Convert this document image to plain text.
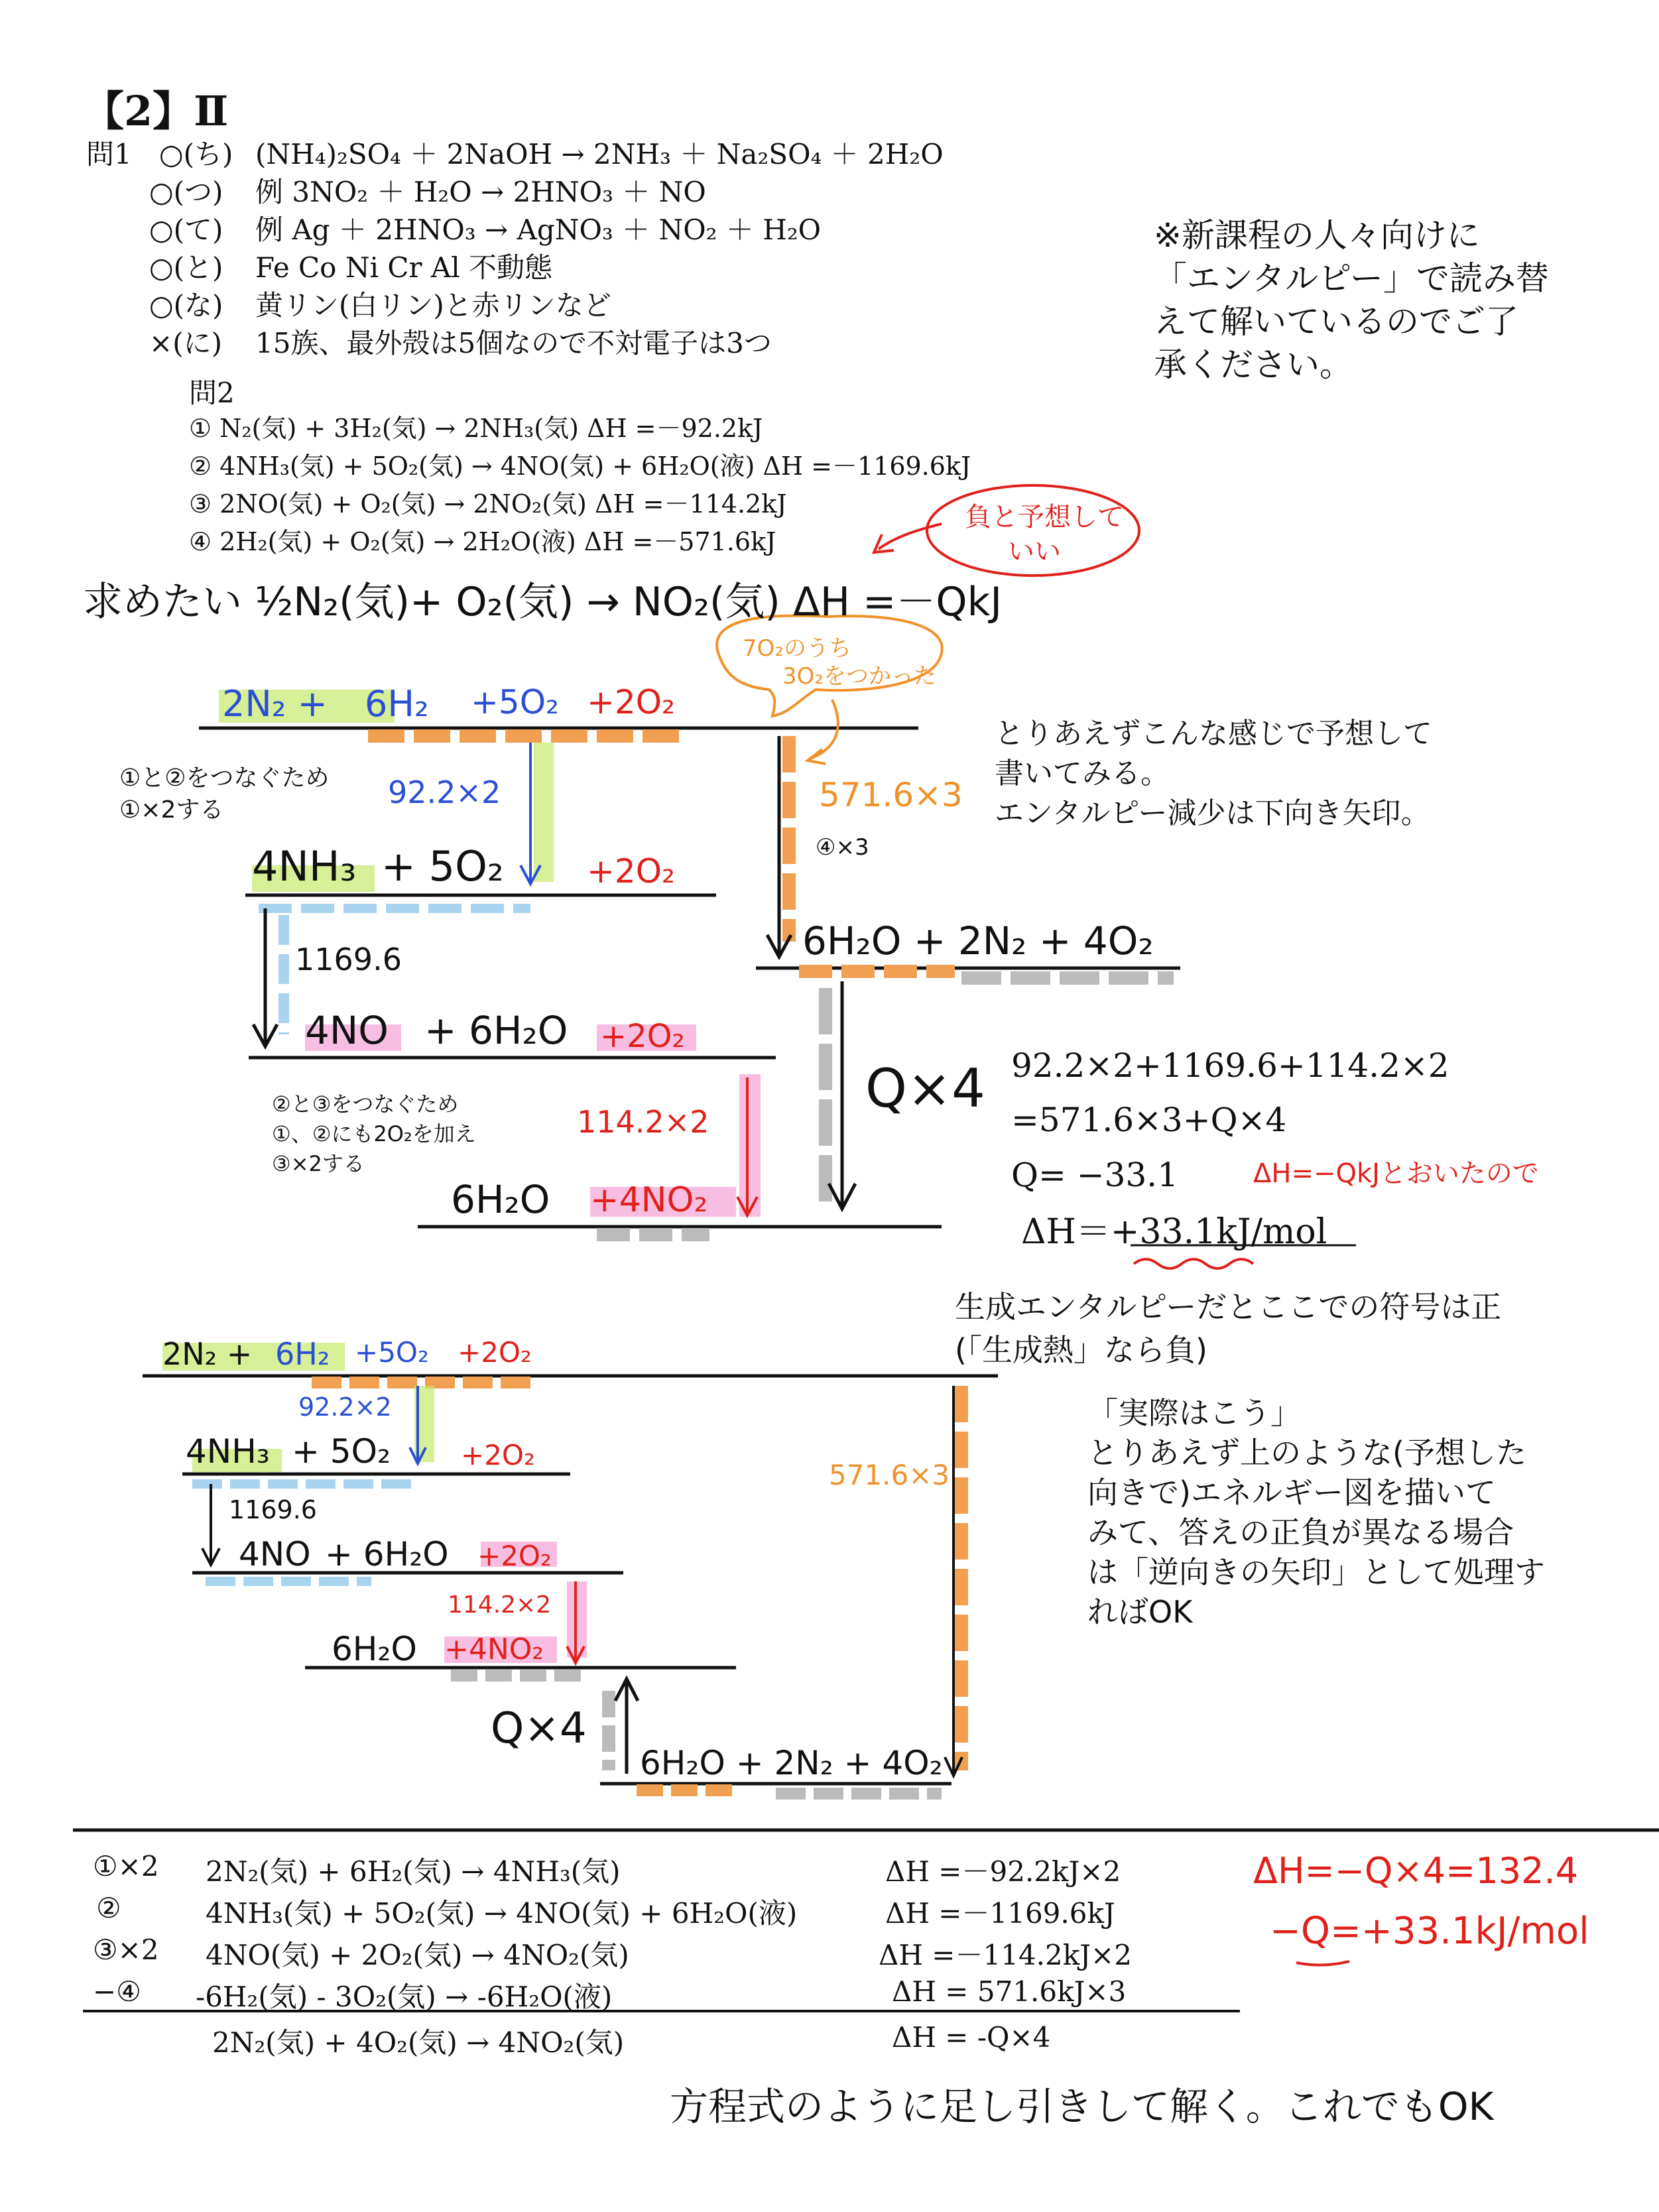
【2】Ⅱ
問1 ○(ち) (NH₄)₂SO₄ ＋ 2NaOH → 2NH₃ ＋ Na₂SO₄ ＋ 2H₂O
○(つ) 例 3NO₂ ＋ H₂O → 2HNO₃ ＋ NO
○(て) 例 Ag ＋ 2HNO₃ → AgNO₃ ＋ NO₂ ＋ H₂O
○(と) Fe Co Ni Cr Al 不動態
○(な) 黄リン(白リン)と赤リンなど
×(に) 15族、最外殻は5個なので不対電子は3つ
※新課程の人々向けに
「エンタルピー」で読み替
えて解いているのでご了
承ください。
問2
① N₂(気) + 3H₂(気) → 2NH₃(気) ΔH =－92.2kJ
② 4NH₃(気) + 5O₂(気) → 4NO(気) + 6H₂O(液) ΔH =－1169.6kJ
③ 2NO(気) + O₂(気) → 2NO₂(気) ΔH =－114.2kJ
④ 2H₂(気) + O₂(気) → 2H₂O(液) ΔH =－571.6kJ
負と予想して
いい
求めたい ½N₂(気)+ O₂(気) → NO₂(気) ΔH =－QkJ
7O₂のうち
3O₂をつかった
2N₂ + 6H₂ +5O₂ +2O₂
①と②をつなぐため
①×2する	92.2×2
4NH₃ + 5O₂	+2O₂
1169.6
4NO + 6H₂O +2O₂
②と③をつなぐため
①、②にも2O₂を加え
③×2する
114.2×2
6H₂O +4NO₂
571.6×3
④×3
6H₂O + 2N₂ + 4O₂
Q×4
とりあえずこんな感じで予想して
書いてみる。
エンタルピー減少は下向き矢印。
92.2×2+1169.6+114.2×2
=571.6×3+Q×4
Q= −33.1
ΔH＝+33.1kJ/mol
ΔH=−QkJとおいたので
生成エンタルピーだとここでの符号は正
(「生成熱」なら負)
2N₂ + 6H₂ +5O₂ +2O₂
92.2×2
4NH₃ + 5O₂	+2O₂
1169.6
4NO + 6H₂O +2O₂
114.2×2
6H₂O +4NO₂
571.6×3
Q×4
6H₂O + 2N₂ + 4O₂
「実際はこう」
とりあえず上のような(予想した
向きで)エネルギー図を描いて
みて、答えの正負が異なる場合
は「逆向きの矢印」として処理す
ればOK
①×2 2N₂(気) + 6H₂(気) → 4NH₃(気)	ΔH =－92.2kJ×2
②	4NH₃(気) + 5O₂(気) → 4NO(気) + 6H₂O(液)	ΔH =－1169.6kJ
③×2 4NO(気) + 2O₂(気) → 4NO₂(気)	ΔH =－114.2kJ×2
−④ -6H₂(気) - 3O₂(気) → -6H₂O(液)	ΔH = 571.6kJ×3
2N₂(気) + 4O₂(気) → 4NO₂(気)	ΔH = -Q×4
ΔH=−Q×4=132.4
−Q=+33.1kJ/mol
方程式のように足し引きして解く。これでもOK
